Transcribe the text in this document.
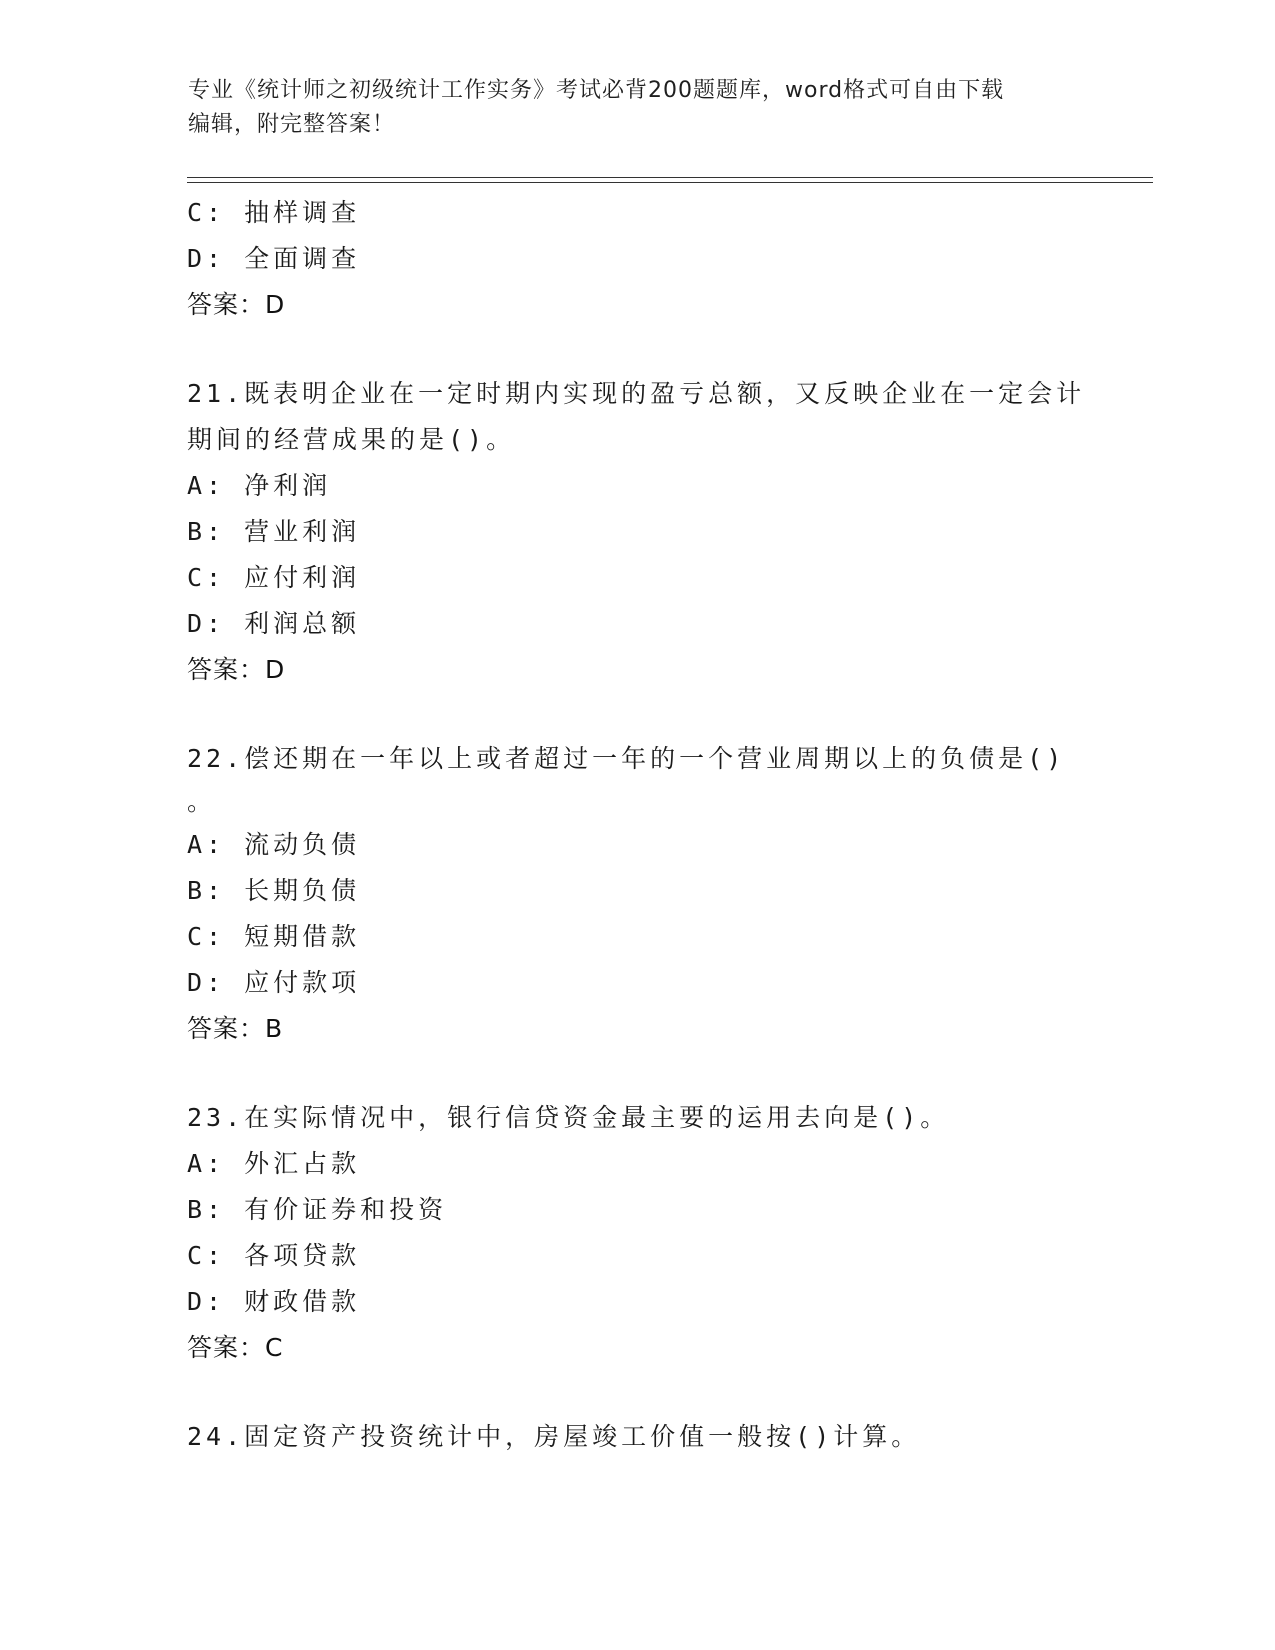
专业《统计师之初级统计工作实务》考试必背200题题库，word格式可自由下载
编辑，附完整答案！
C: 抽样调查
D: 全面调查
答案：D
21.既表明企业在一定时期内实现的盈亏总额，又反映企业在一定会计
期间的经营成果的是()。
A: 净利润
B: 营业利润
C: 应付利润
D: 利润总额
答案：D
22.偿还期在一年以上或者超过一年的一个营业周期以上的负债是()
。
A: 流动负债
B: 长期负债
C: 短期借款
D: 应付款项
答案：B
23.在实际情况中，银行信贷资金最主要的运用去向是()。
A: 外汇占款
B: 有价证券和投资
C: 各项贷款
D: 财政借款
答案：C
24.固定资产投资统计中，房屋竣工价值一般按()计算。
